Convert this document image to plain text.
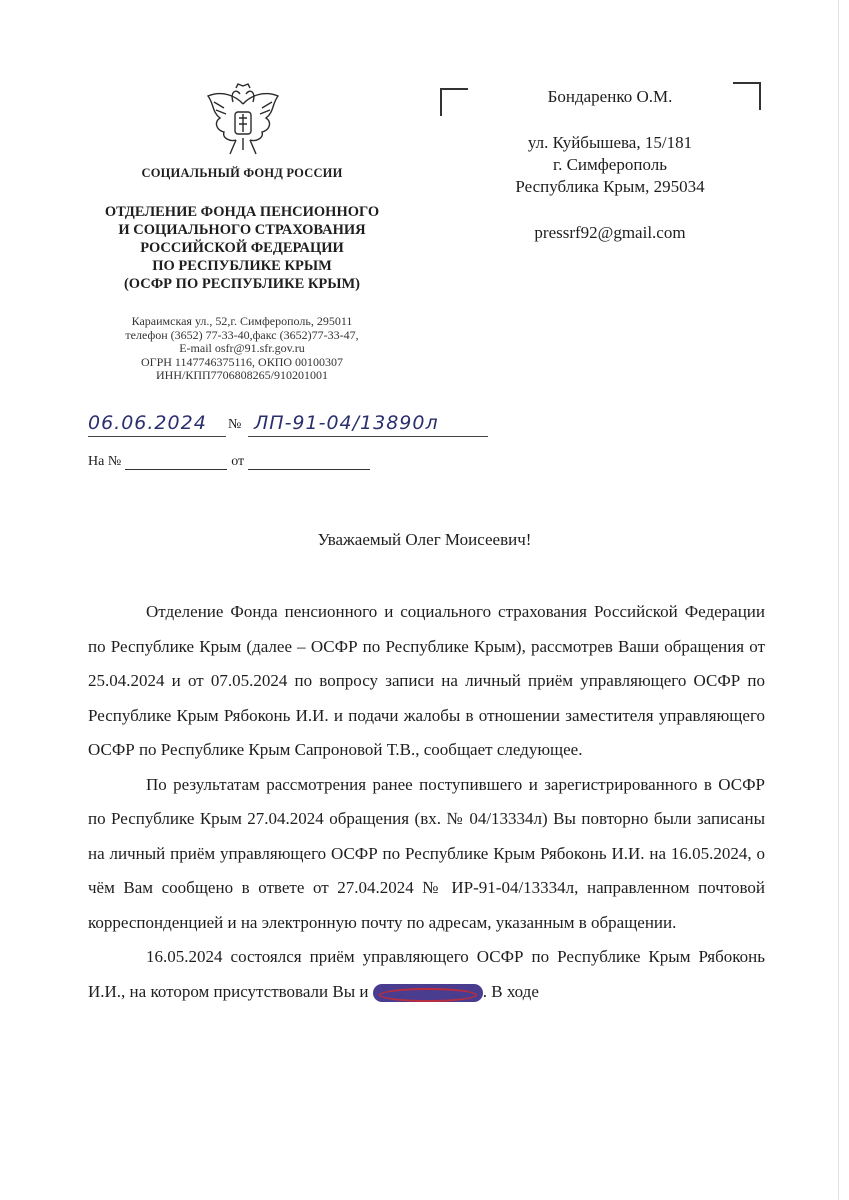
СОЦИАЛЬНЫЙ ФОНД РОССИИ
ОТДЕЛЕНИЕ ФОНДА ПЕНСИОННОГО
И СОЦИАЛЬНОГО СТРАХОВАНИЯ
РОССИЙСКОЙ ФЕДЕРАЦИИ
ПО РЕСПУБЛИКЕ КРЫМ
(ОСФР ПО РЕСПУБЛИКЕ КРЫМ)
Караимская ул., 52,г. Симферополь, 295011
телефон (3652) 77-33-40,факс (3652)77-33-47,
E-mail osfr@91.sfr.gov.ru
ОГРН 1147746375116, ОКПО 00100307
ИНН/КПП7706808265/910201001
Бондаренко О.М.
ул. Куйбышева, 15/181
г. Симферополь
Республика Крым, 295034
pressrf92@gmail.com
06.06.2024 № ЛП-91-04/13890л
На №	от
Уважаемый Олег Моисеевич!

Отделение Фонда пенсионного и социального страхования Российской Федерации по Республике Крым (далее – ОСФР по Республике Крым), рассмотрев Ваши обращения от 25.04.2024 и от 07.05.2024 по вопросу записи на личный приём управляющего ОСФР по Республике Крым Рябоконь И.И. и подачи жалобы в отношении заместителя управляющего ОСФР по Республике Крым Сапроновой Т.В., сообщает следующее.

По результатам рассмотрения ранее поступившего и зарегистрированного в ОСФР по Республике Крым 27.04.2024 обращения (вх. № 04/13334л) Вы повторно были записаны на личный приём управляющего ОСФР по Республике Крым Рябоконь И.И. на 16.05.2024, о чём Вам сообщено в ответе от 27.04.2024 № ИР-91-04/13334л, направленном почтовой корреспонденцией и на электронную почту по адресам, указанным в обращении.

16.05.2024 состоялся приём управляющего ОСФР по Республике Крым Рябоконь И.И., на котором присутствовали Вы и	. В ходе
